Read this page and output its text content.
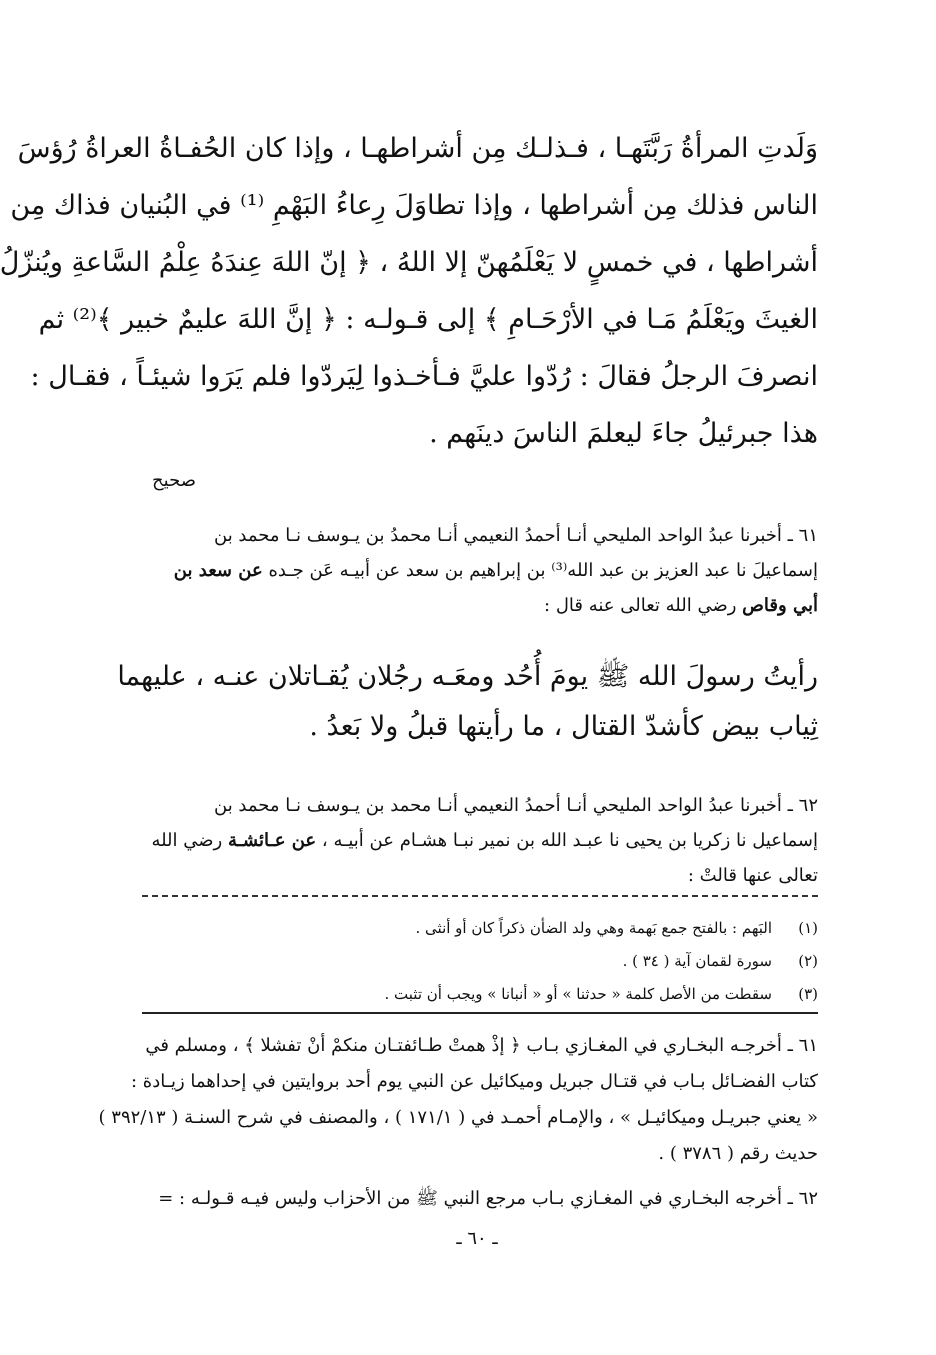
وَلَدتِ المرأةُ رَبَّتَهـا ، فـذلـك مِن أشراطهـا ، وإذا كان الحُفـاةُ العراةُ رُؤسَ
الناس فذلك مِن أشراطها ، وإذا تطاوَلَ رِعاءُ البَهْمِ ⁽¹⁾ في البُنيان فذاك مِن
أشراطها ، في خمسٍ لا يَعْلَمُهنّ إلا اللهُ ، ﴿ إنّ اللهَ عِندَهُ عِلْمُ السَّاعةِ ويُنزّلُ
الغيثَ ويَعْلَمُ مَـا في الأرْحَـامِ ﴾ إلى قـولـه : ﴿ إنَّ اللهَ عليمٌ خبير ﴾⁽²⁾ ثم
انصرفَ الرجلُ فقالَ : رُدّوا عليَّ فـأخـذوا لِيَردّوا فلم يَرَوا شيئـاً ، فقـال :
هذا جبرئيلُ جاءَ ليعلمَ الناسَ دينَهم .
صحيح
٦١ ـ أخبرنا عبدُ الواحد المليحي أنـا أحمدُ النعيمي أنـا محمدُ بن يـوسف نـا محمد بن
إسماعيلَ نا عبد العزيز بن عبد الله⁽³⁾ بن إبراهيم بن سعد عن أبيـه عَن جـده عن سعد بن
أبي وقاص رضي الله تعالى عنه قال :
رأيتُ رسولَ الله ﷺ يومَ أُحُد ومعَـه رجُلان يُقـاتلان عنـه ، عليهما
ثِياب بيض كأشدّ القتال ، ما رأيتها قبلُ ولا بَعدُ .
٦٢ ـ أخبرنا عبدُ الواحد المليحي أنـا أحمدُ النعيمي أنـا محمد بن يـوسف نـا محمد بن
إسماعيل نا زكريا بن يحيى نا عبـد الله بن نمير نبـا هشـام عن أبيـه ، عن عـائشـة رضي الله
تعالى عنها قالتْ :
(١)
البَهم : بالفتح جمع بَهمة وهي ولد الضأن ذكراً كان أو أنثى .
(٢)
سورة لقمان آية ( ٣٤ ) .
(٣)
سقطت من الأصل كلمة « حدثنا » أو « أنبانا » ويجب أن تثبت .
٦١ ـ أخرجـه البخـاري في المغـازي بـاب ﴿ إذْ همتْ طـائفتـان منكمْ أنْ تفشلا ﴾ ، ومسلم في
كتاب الفضـائل بـاب في قتـال جبريل وميكائيل عن النبي يوم أحد بروايتين في إحداهما زيـادة :
« يعني جبريـل وميكائيـل » ، والإمـام أحمـد في ( ١٧١/١ ) ، والمصنف في شرح السنـة ( ٣٩٢/١٣ )
حديث رقم ( ٣٧٨٦ ) .
٦٢ ـ أخرجه البخـاري في المغـازي بـاب مرجع النبي ﷺ من الأحزاب وليس فيـه قـولـه : =
ـ ٦٠ ـ
